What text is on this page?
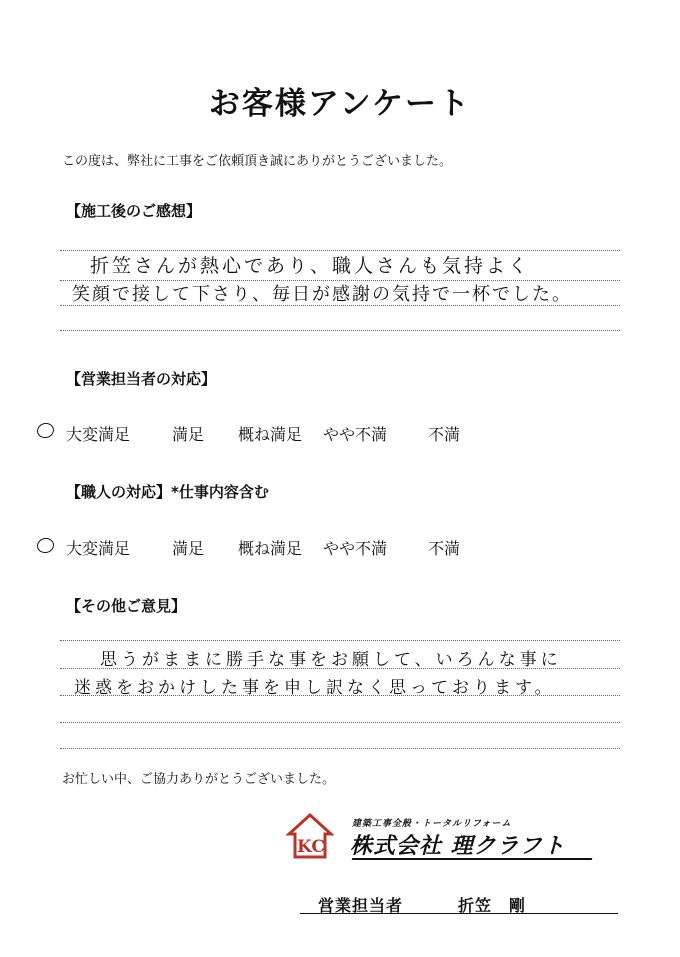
お客様アンケート
この度は、弊社に工事をご依頼頂き誠にありがとうございました。
【施工後のご感想】
折笠さんが熱心であり、職人さんも気持よく
笑顔で接して下さり、毎日が感謝の気持で一杯でした。
【営業担当者の対応】
大変満足	満足 概ね満足 やや不満	不満
【職人の対応】*仕事内容含む
大変満足	満足 概ね満足 やや不満	不満
【その他ご意見】
思うがままに勝手な事をお願して、いろんな事に
迷惑をおかけした事を申し訳なく思っております。
お忙しい中、ご協力ありがとうございました。
KC
建築工事全般・トータルリフォーム
株式会社 理クラフト
営業担当者	折笠　剛
